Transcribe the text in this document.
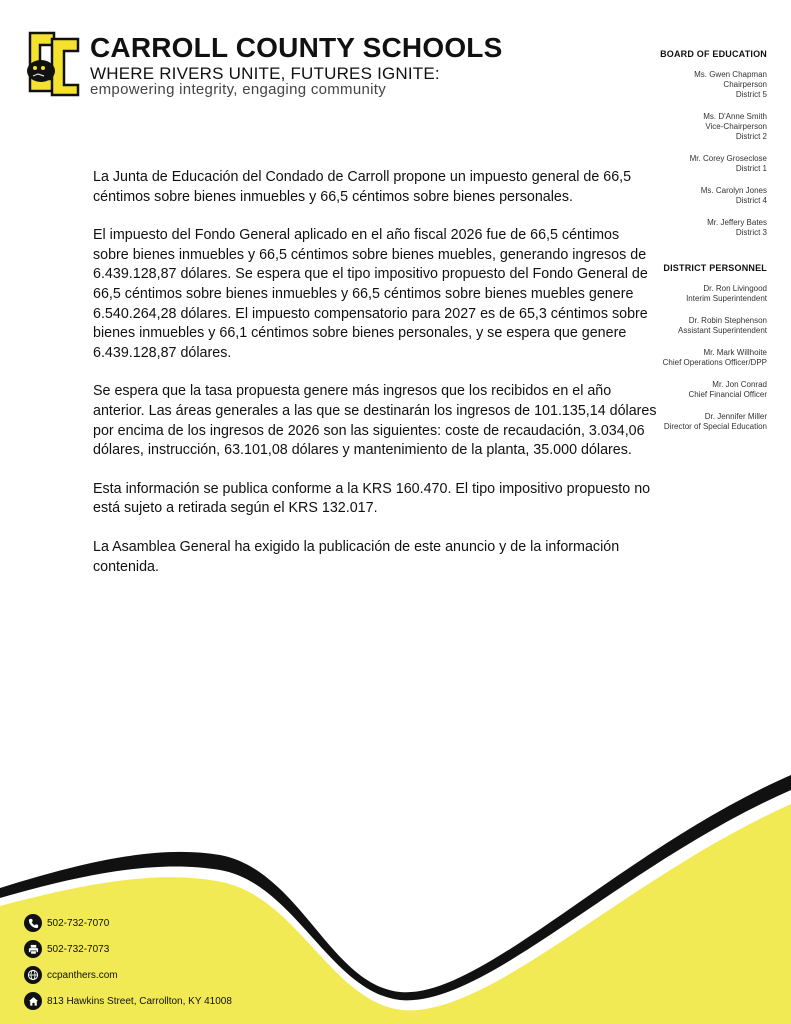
CARROLL COUNTY SCHOOLS
WHERE RIVERS UNITE, FUTURES IGNITE:
empowering integrity, engaging community
BOARD OF EDUCATION
Ms. Gwen Chapman
Chairperson
District 5
Ms. D'Anne Smith
Vice-Chairperson
District 2
Mr. Corey Groseclose
District 1
Ms. Carolyn Jones
District 4
Mr. Jeffery Bates
District 3
DISTRICT PERSONNEL
Dr. Ron Livingood
Interim Superintendent
Dr. Robin Stephenson
Assistant Superintendent
Mr. Mark Willhoite
Chief Operations Officer/DPP
Mr. Jon Conrad
Chief Financial Officer
Dr. Jennifer Miller
Director of Special Education

La Junta de Educación del Condado de Carroll propone un impuesto general de 66,5 céntimos sobre bienes inmuebles y 66,5 céntimos sobre bienes personales.

El impuesto del Fondo General aplicado en el año fiscal 2026 fue de 66,5 céntimos sobre bienes inmuebles y 66,5 céntimos sobre bienes muebles, generando ingresos de 6.439.128,87 dólares. Se espera que el tipo impositivo propuesto del Fondo General de 66,5 céntimos sobre bienes inmuebles y 66,5 céntimos sobre bienes muebles genere 6.540.264,28 dólares. El impuesto compensatorio para 2027 es de 65,3 céntimos sobre bienes inmuebles y 66,1 céntimos sobre bienes personales, y se espera que genere 6.439.128,87 dólares.

Se espera que la tasa propuesta genere más ingresos que los recibidos en el año anterior. Las áreas generales a las que se destinarán los ingresos de 101.135,14 dólares por encima de los ingresos de 2026 son las siguientes: coste de recaudación, 3.034,06 dólares, instrucción, 63.101,08 dólares y mantenimiento de la planta, 35.000 dólares.

Esta información se publica conforme a la KRS 160.470. El tipo impositivo propuesto no está sujeto a retirada según el KRS 132.017.

La Asamblea General ha exigido la publicación de este anuncio y de la información contenida.

502-732-7070
502-732-7073
ccpanthers.com
813 Hawkins Street, Carrollton, KY 41008
